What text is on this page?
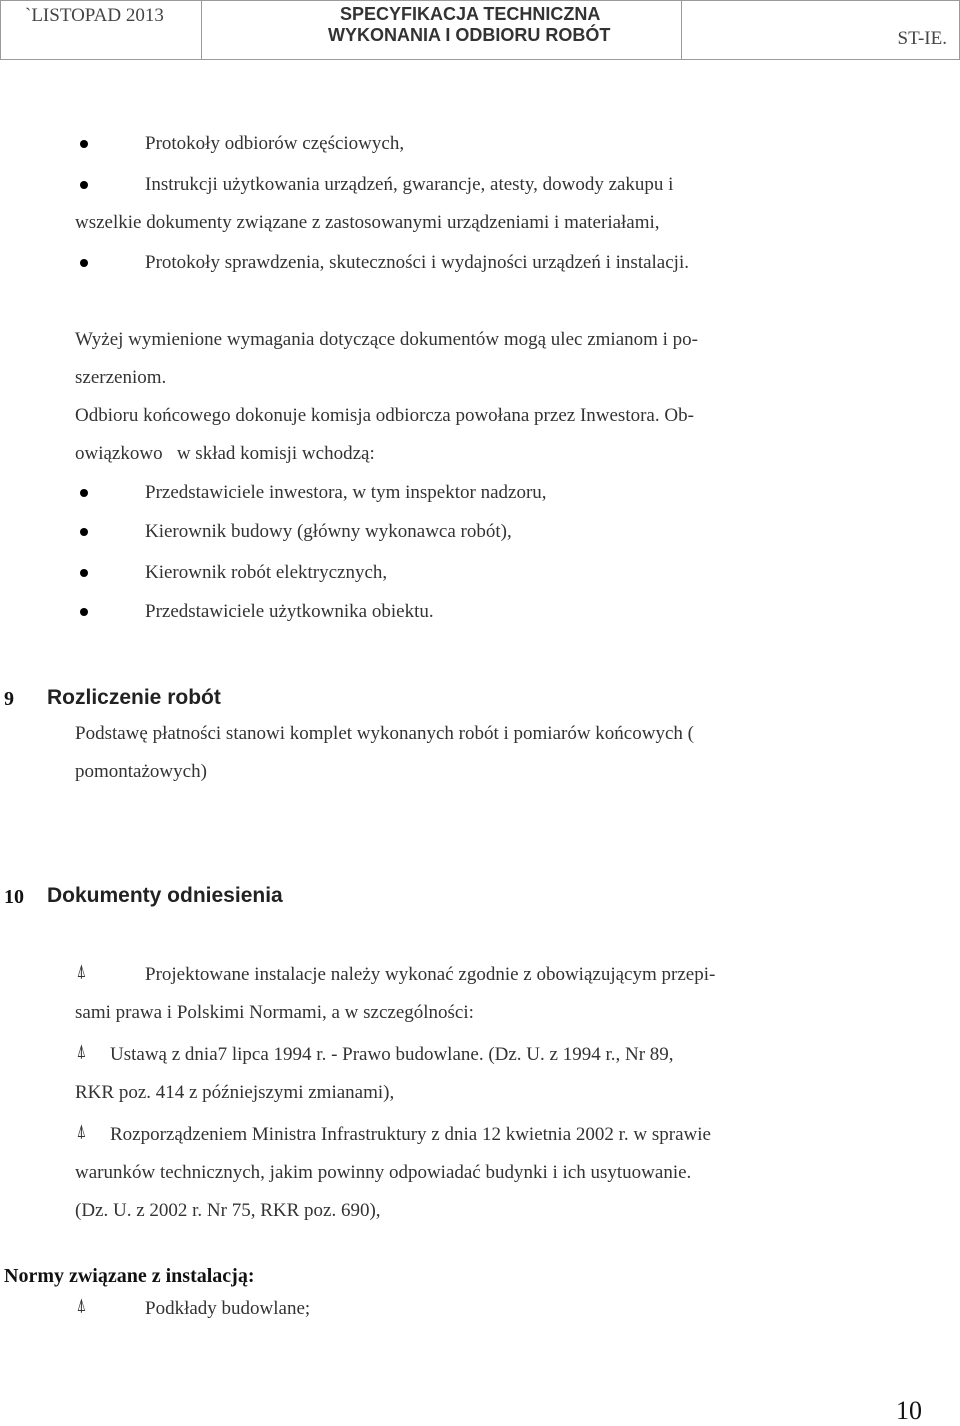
`LISTOPAD 2013	SPECYFIKACJA TECHNICZNA
WYKONANIA I ODBIORU ROBÓT	ST-IE.
Protokoły odbiorów częściowych,
Instrukcji użytkowania urządzeń, gwarancje, atesty, dowody zakupu i
wszelkie dokumenty związane z zastosowanymi urządzeniami i materiałami,
Protokoły sprawdzenia, skuteczności i wydajności urządzeń i instalacji.
Wyżej wymienione wymagania dotyczące dokumentów mogą ulec zmianom i po-
szerzeniom.
Odbioru końcowego dokonuje komisja odbiorcza powołana przez Inwestora. Ob-
owiązkowo   w skład komisji wchodzą:
Przedstawiciele inwestora, w tym inspektor nadzoru,
Kierownik budowy (główny wykonawca robót),
Kierownik robót elektrycznych,
Przedstawiciele użytkownika obiektu.
9 Rozliczenie robót
Podstawę płatności stanowi komplet wykonanych robót i pomiarów końcowych (
pomontażowych)
10 Dokumenty odniesienia
⍋	Projektowane instalacje należy wykonać zgodnie z obowiązującym przepi-
sami prawa i Polskimi Normami, a w szczególności:
⍋ Ustawą z dnia7 lipca 1994 r. - Prawo budowlane. (Dz. U. z 1994 r., Nr 89,
RKR poz. 414 z późniejszymi zmianami),
⍋ Rozporządzeniem Ministra Infrastruktury z dnia 12 kwietnia 2002 r. w sprawie
warunków technicznych, jakim powinny odpowiadać budynki i ich usytuowanie.
(Dz. U. z 2002 r. Nr 75, RKR poz. 690),
Normy związane z instalacją:
⍋	Podkłady budowlane;
10
